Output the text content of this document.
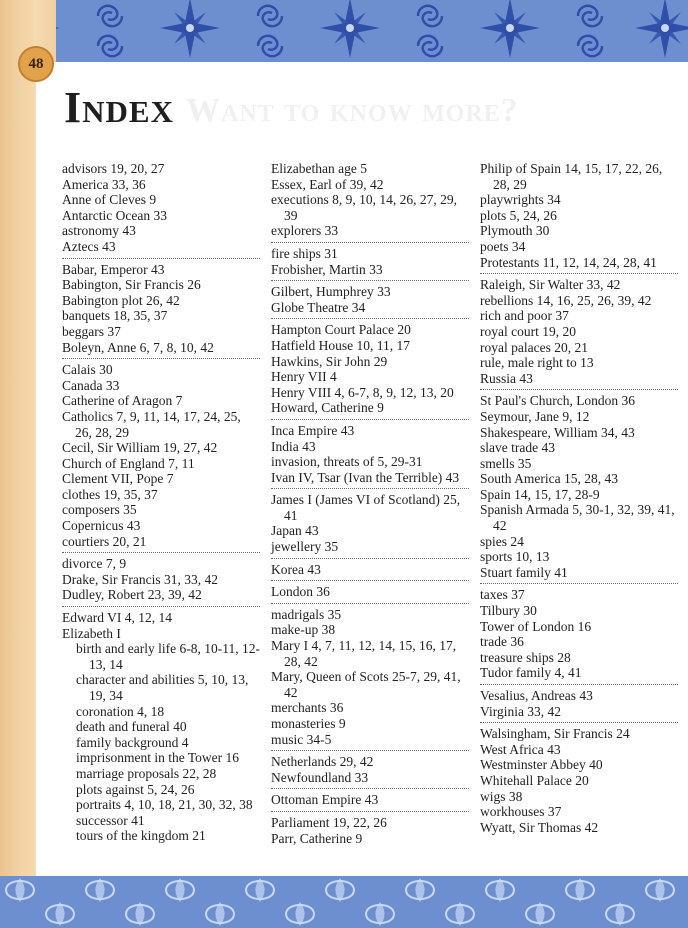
48
Want to know more?
Index
advisors 19, 20, 27
America 33, 36
Anne of Cleves 9
Antarctic Ocean 33
astronomy 43
Aztecs 43
Babar, Emperor 43
Babington, Sir Francis 26
Babington plot 26, 42
banquets 18, 35, 37
beggars 37
Boleyn, Anne 6, 7, 8, 10, 42
Calais 30
Canada 33
Catherine of Aragon 7
Catholics 7, 9, 11, 14, 17, 24, 25, 26, 28, 29
Cecil, Sir William 19, 27, 42
Church of England 7, 11
Clement VII, Pope 7
clothes 19, 35, 37
composers 35
Copernicus 43
courtiers 20, 21
divorce 7, 9
Drake, Sir Francis 31, 33, 42
Dudley, Robert 23, 39, 42
Edward VI 4, 12, 14
Elizabeth I
birth and early life 6-8, 10-11, 12-13, 14
character and abilities 5, 10, 13, 19, 34
coronation 4, 18
death and funeral 40
family background 4
imprisonment in the Tower 16
marriage proposals 22, 28
plots against 5, 24, 26
portraits 4, 10, 18, 21, 30, 32, 38
successor 41
tours of the kingdom 21
Elizabethan age 5
Essex, Earl of 39, 42
executions 8, 9, 10, 14, 26, 27, 29, 39
explorers 33
fire ships 31
Frobisher, Martin 33
Gilbert, Humphrey 33
Globe Theatre 34
Hampton Court Palace 20
Hatfield House 10, 11, 17
Hawkins, Sir John 29
Henry VII 4
Henry VIII 4, 6-7, 8, 9, 12, 13, 20
Howard, Catherine 9
Inca Empire 43
India 43
invasion, threats of 5, 29-31
Ivan IV, Tsar (Ivan the Terrible) 43
James I (James VI of Scotland) 25, 41
Japan 43
jewellery 35
Korea 43
London 36
madrigals 35
make-up 38
Mary I 4, 7, 11, 12, 14, 15, 16, 17, 28, 42
Mary, Queen of Scots 25-7, 29, 41, 42
merchants 36
monasteries 9
music 34-5
Netherlands 29, 42
Newfoundland 33
Ottoman Empire 43
Parliament 19, 22, 26
Parr, Catherine 9
Philip of Spain 14, 15, 17, 22, 26, 28, 29
playwrights 34
plots 5, 24, 26
Plymouth 30
poets 34
Protestants 11, 12, 14, 24, 28, 41
Raleigh, Sir Walter 33, 42
rebellions 14, 16, 25, 26, 39, 42
rich and poor 37
royal court 19, 20
royal palaces 20, 21
rule, male right to 13
Russia 43
St Paul's Church, London 36
Seymour, Jane 9, 12
Shakespeare, William 34, 43
slave trade 43
smells 35
South America 15, 28, 43
Spain 14, 15, 17, 28-9
Spanish Armada 5, 30-1, 32, 39, 41, 42
spies 24
sports 10, 13
Stuart family 41
taxes 37
Tilbury 30
Tower of London 16
trade 36
treasure ships 28
Tudor family 4, 41
Vesalius, Andreas 43
Virginia 33, 42
Walsingham, Sir Francis 24
West Africa 43
Westminster Abbey 40
Whitehall Palace 20
wigs 38
workhouses 37
Wyatt, Sir Thomas 42
